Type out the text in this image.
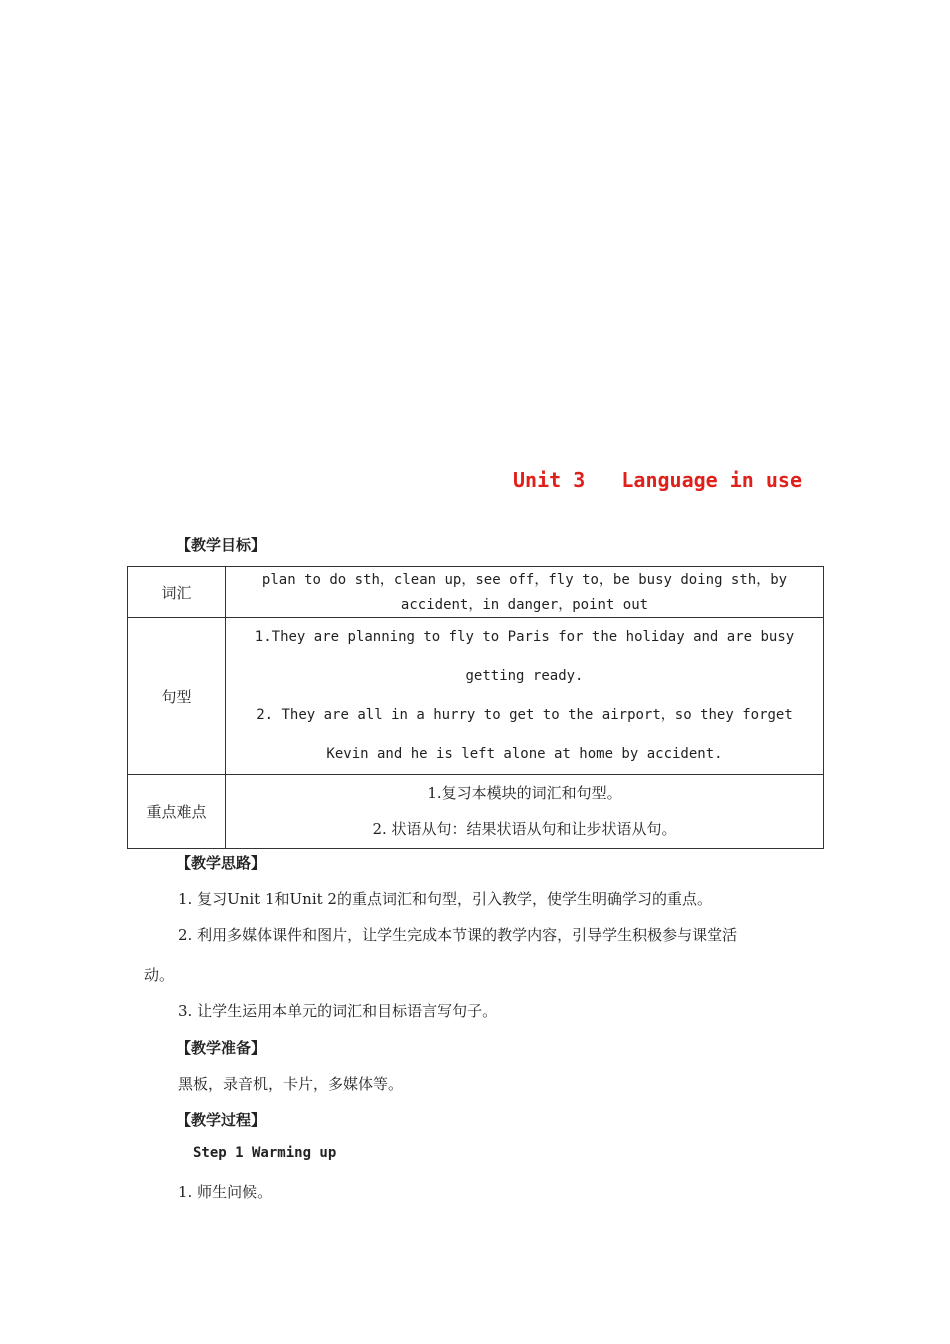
Unit 3   Language in use
【教学目标】
词汇	plan to do sth，clean up，see off，fly to，be busy doing sth，by
accident，in danger，point out

句型	1.They are planning to fly to Paris for the holiday and are busy
getting ready.
2. They are all in a hurry to get to the airport，so they forget
Kevin and he is left alone at home by accident.

重点难点	1.复习本模块的词汇和句型。
2. 状语从句：结果状语从句和让步状语从句。
【教学思路】
1. 复习Unit 1和Unit 2的重点词汇和句型，引入教学，使学生明确学习的重点。
2. 利用多媒体课件和图片，让学生完成本节课的教学内容，引导学生积极参与课堂活
动。
3. 让学生运用本单元的词汇和目标语言写句子。
【教学准备】
黑板，录音机，卡片，多媒体等。
【教学过程】
Step 1 Warming up
1. 师生问候。
